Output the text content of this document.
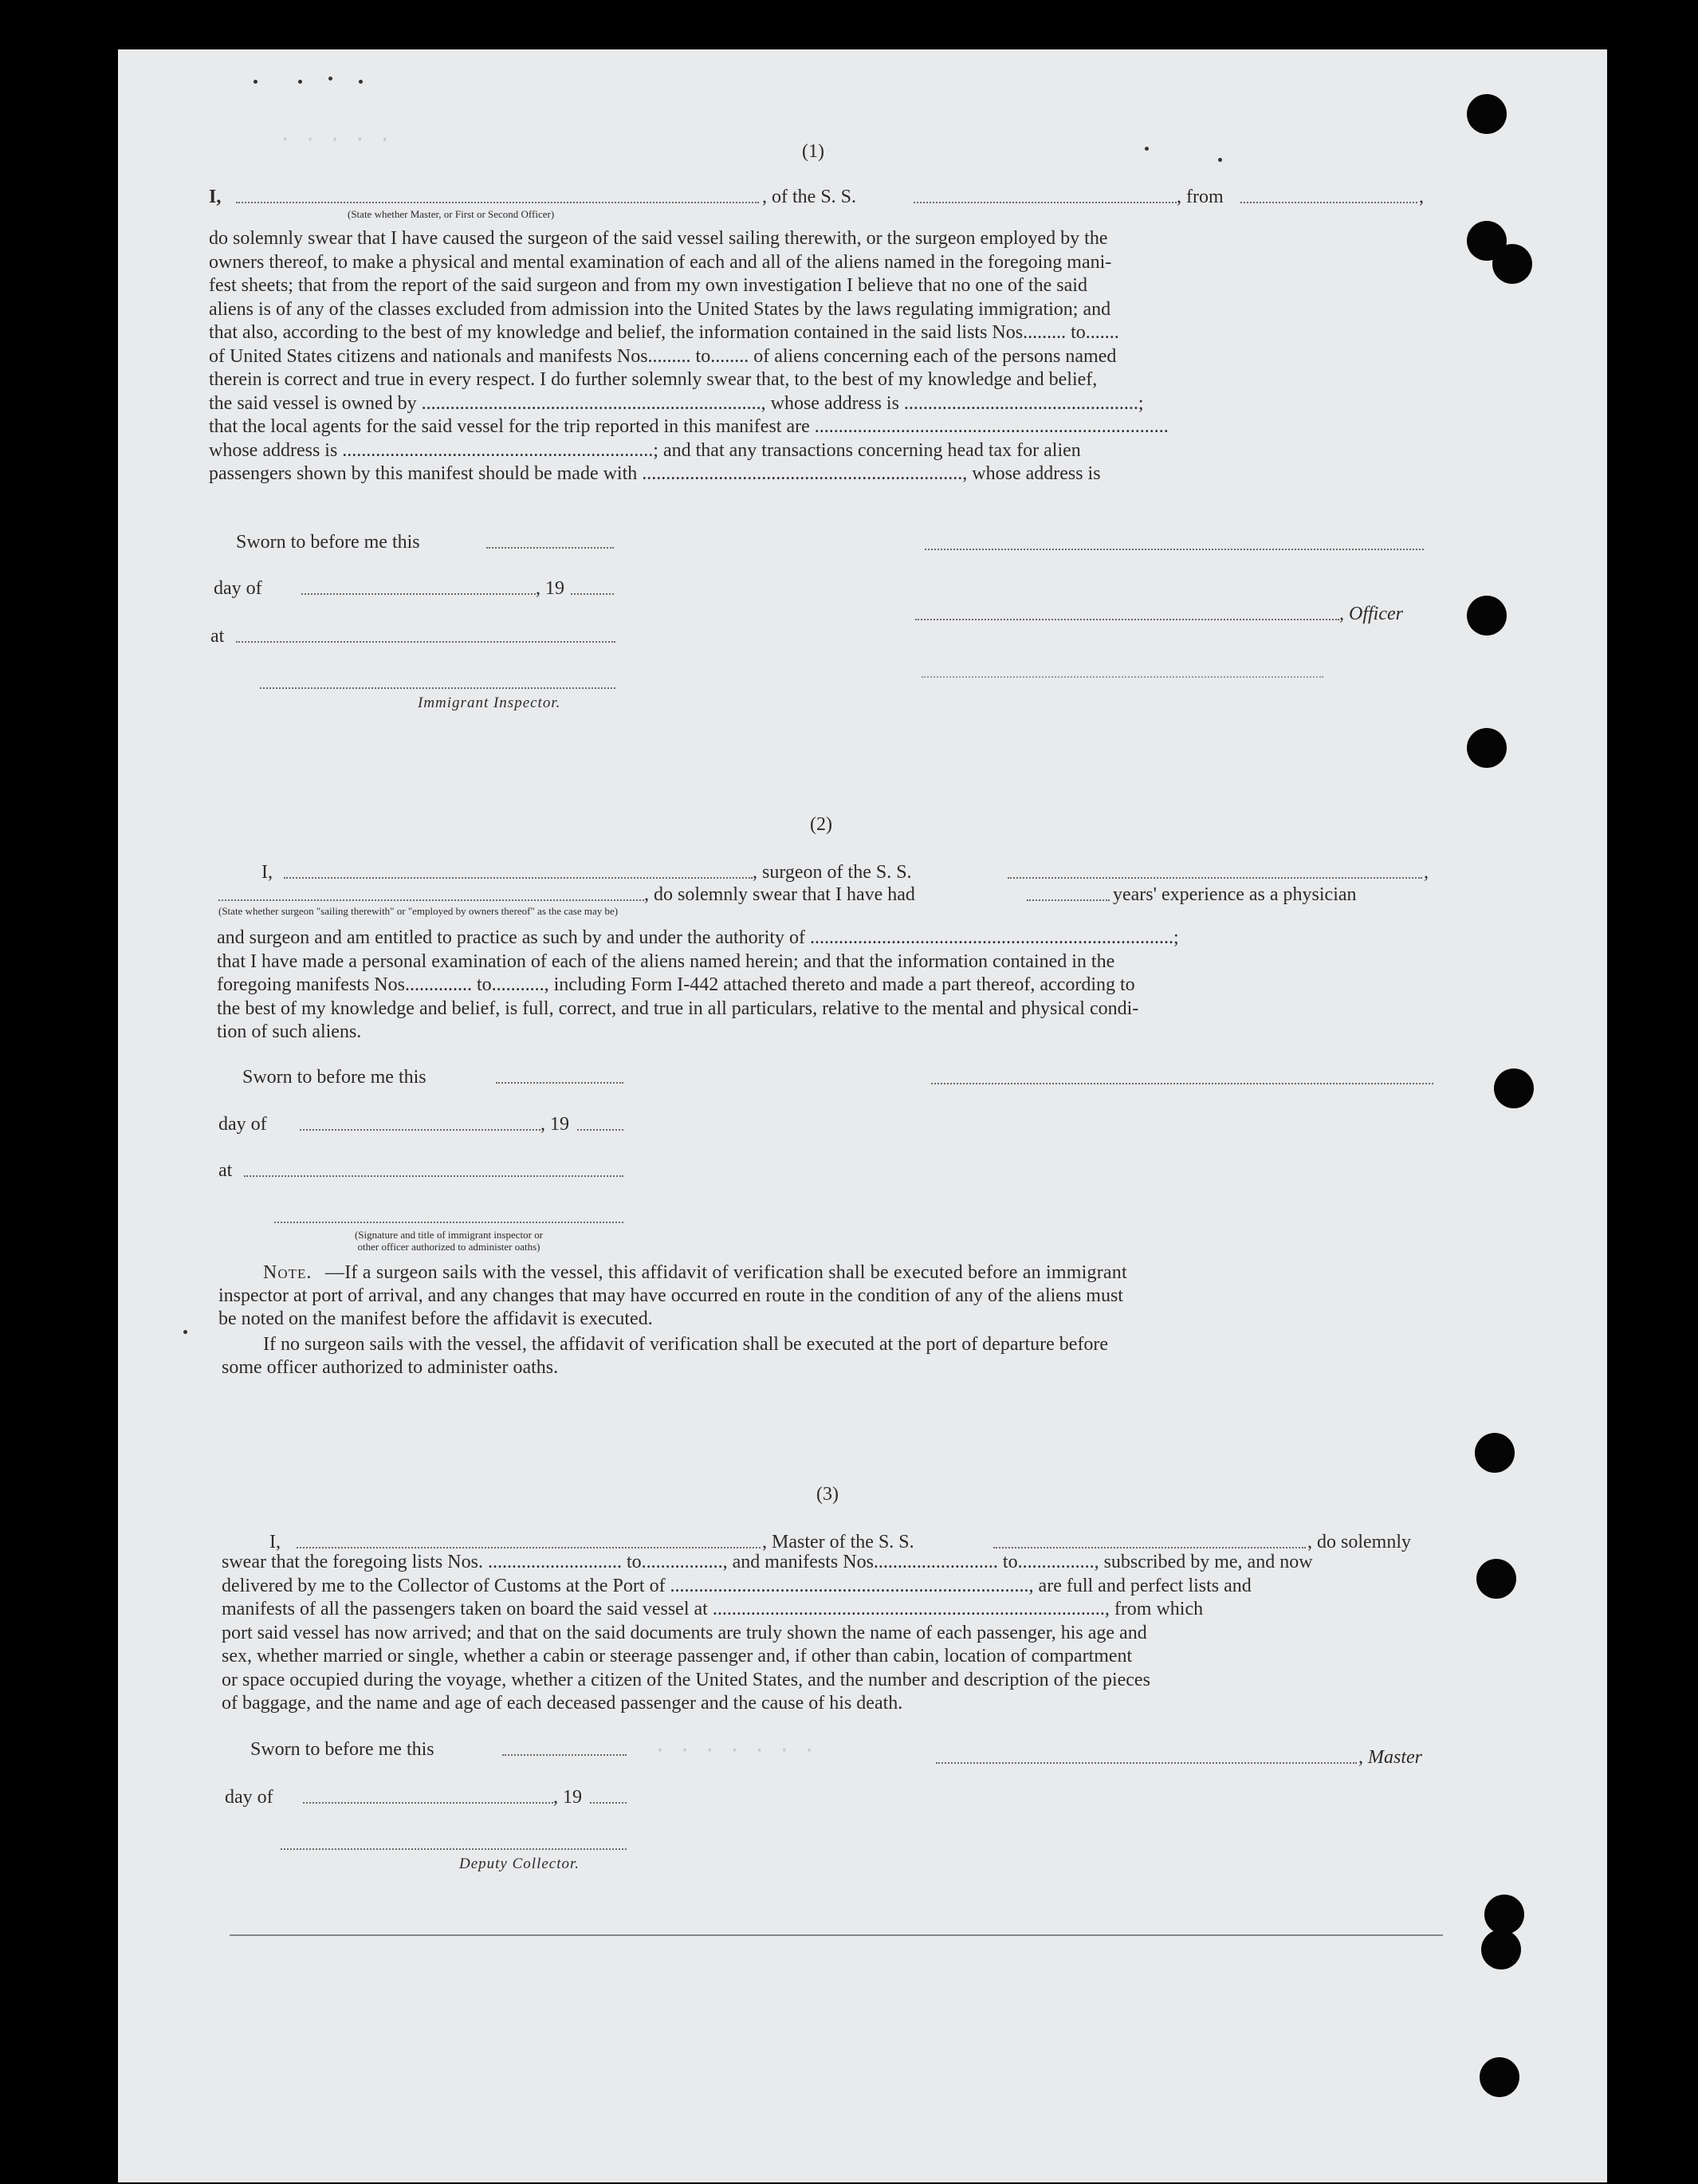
· · · · ·
· · · · · · ·
(1)
I,	, of the S. S.	, from	,
(State whether Master, or First or Second Officer)
do solemnly swear that I have caused the surgeon of the said vessel sailing therewith, or the surgeon employed by the
owners thereof, to make a physical and mental examination of each and all of the aliens named in the foregoing mani-
fest sheets; that from the report of the said surgeon and from my own investigation I believe that no one of the said
aliens is of any of the classes excluded from admission into the United States by the laws regulating immigration; and
that also, according to the best of my knowledge and belief, the information contained in the said lists Nos......... to.......
of United States citizens and nationals and manifests Nos......... to........ of aliens concerning each of the persons named
therein is correct and true in every respect. I do further solemnly swear that, to the best of my knowledge and belief,
the said vessel is owned by ......................................................................., whose address is .................................................;
that the local agents for the said vessel for the trip reported in this manifest are ..........................................................................
whose address is .................................................................; and that any transactions concerning head tax for alien
passengers shown by this manifest should be made with ..................................................................., whose address is
Sworn to before me this
day of	, 19
at
Immigrant Inspector.
, Officer
(2)
I,	, surgeon of the S. S.	,
, do solemnly swear that I have had	years' experience as a physician
(State whether surgeon "sailing therewith" or "employed by owners thereof" as the case may be)
and surgeon and am entitled to practice as such by and under the authority of ............................................................................;
that I have made a personal examination of each of the aliens named herein; and that the information contained in the
foregoing manifests Nos.............. to..........., including Form I-442 attached thereto and made a part thereof, according to
the best of my knowledge and belief, is full, correct, and true in all particulars, relative to the mental and physical condi-
tion of such aliens.
Sworn to before me this
day of	, 19
at
(Signature and title of immigrant inspector or
other officer authorized to administer oaths)
Note. —If a surgeon sails with the vessel, this affidavit of verification shall be executed before an immigrant
inspector at port of arrival, and any changes that may have occurred en route in the condition of any of the aliens must
be noted on the manifest before the affidavit is executed.
If no surgeon sails with the vessel, the affidavit of verification shall be executed at the port of departure before
some officer authorized to administer oaths.
(3)
I,	, Master of the S. S.	, do solemnly
swear that the foregoing lists Nos. ............................ to................., and manifests Nos.......................... to................, subscribed by me, and now
delivered by me to the Collector of Customs at the Port of ..........................................................................., are full and perfect lists and
manifests of all the passengers taken on board the said vessel at .................................................................................., from which
port said vessel has now arrived; and that on the said documents are truly shown the name of each passenger, his age and
sex, whether married or single, whether a cabin or steerage passenger and, if other than cabin, location of compartment
or space occupied during the voyage, whether a citizen of the United States, and the number and description of the pieces
of baggage, and the name and age of each deceased passenger and the cause of his death.
Sworn to before me this
day of	, 19
Deputy Collector.
, Master
